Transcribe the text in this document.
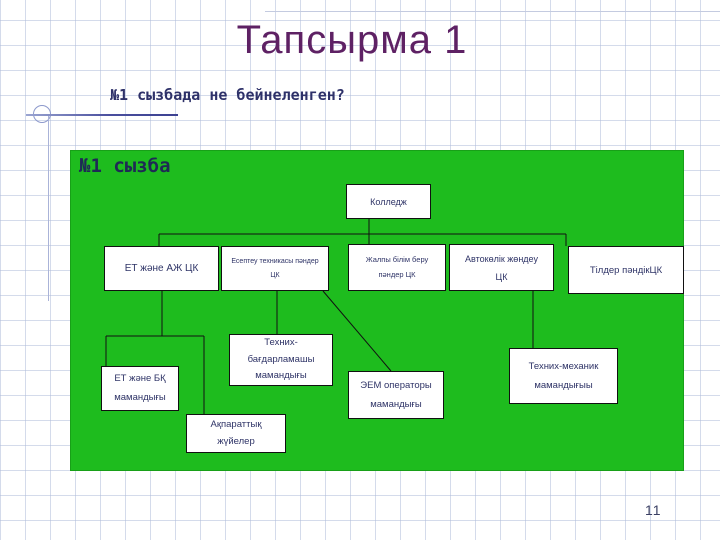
Тапсырма 1
№1 сызбада не бейнеленген?
№1 сызба
Колледж
ЕТ және АЖ ЦК
Есептеу техникасы пәндер
ЦК
Жалпы білім беру
пәндер ЦК
Автокөлік жөндеу
ЦК
Тілдер пәндікЦК
ЕТ және БҚ
мамандығы
Техних-
бағдарламашы
мамандығы
ЭЕМ операторы
мамандығы
Техних-механик
мамандығыы
Ақпараттық
жүйелер
11
